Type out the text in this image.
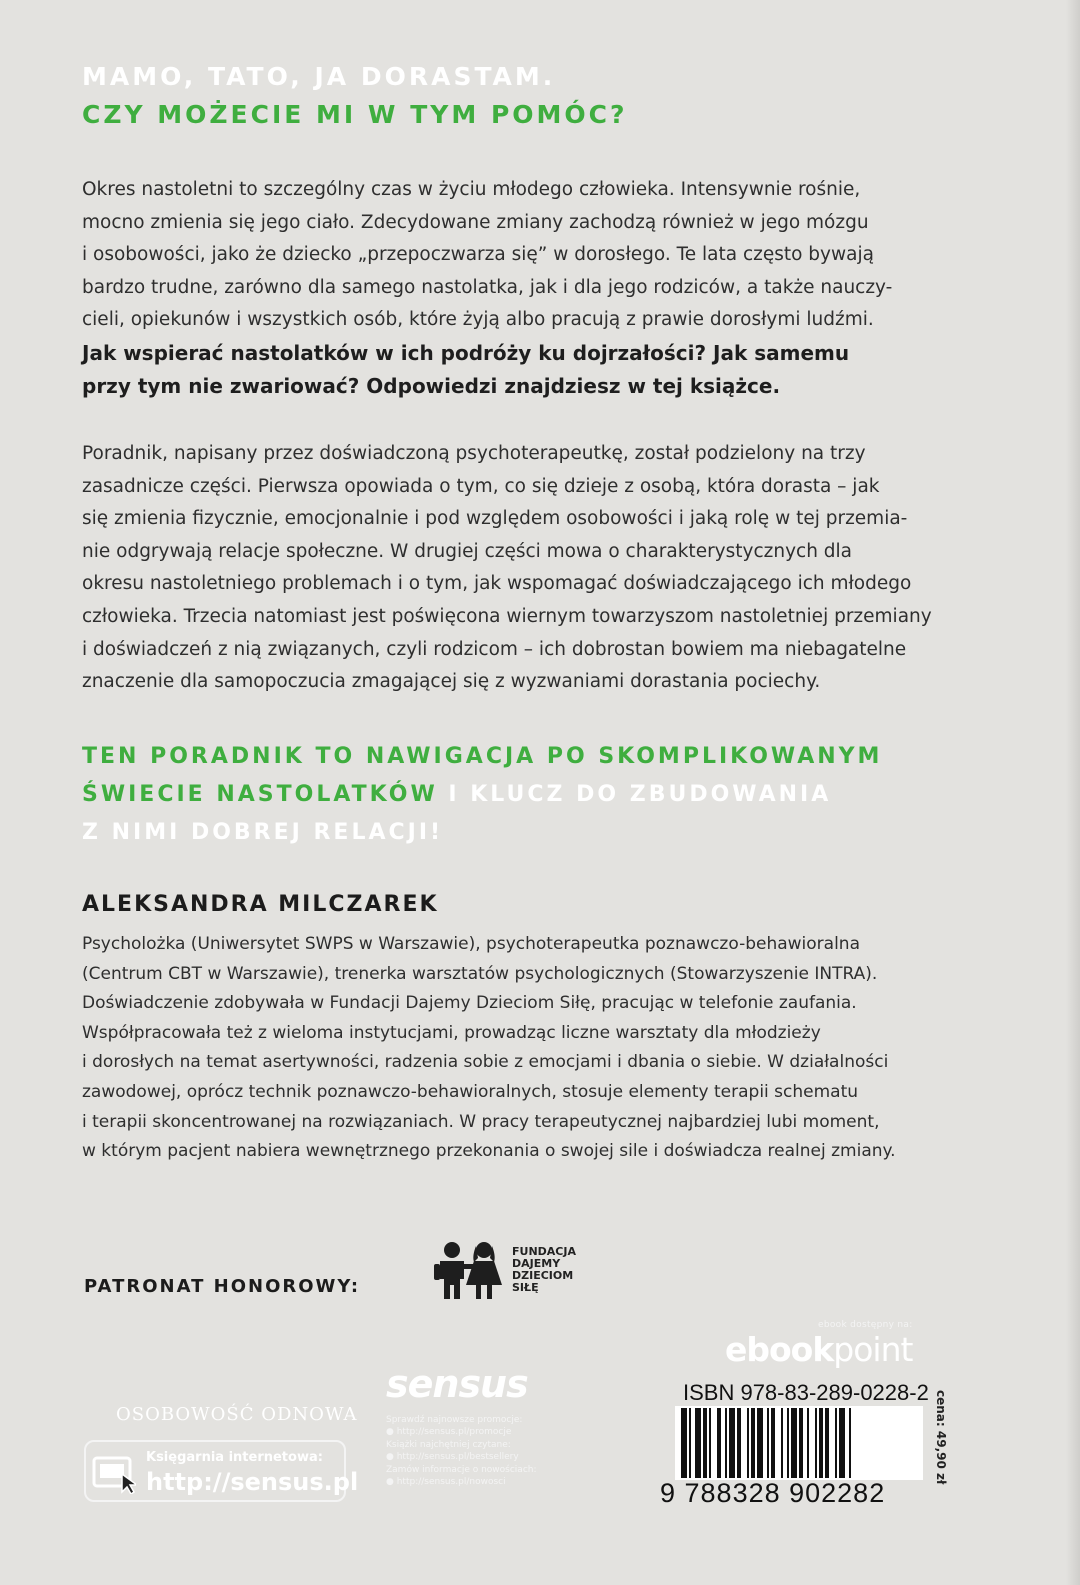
MAMO, TATO, JA DORASTAM.
CZY MOŻECIE MI W TYM POMÓC?
Okres nastoletni to szczególny czas w życiu młodego człowieka. Intensywnie rośnie,
mocno zmienia się jego ciało. Zdecydowane zmiany zachodzą również w jego mózgu
i osobowości, jako że dziecko „przepoczwarza się” w dorosłego. Te lata często bywają
bardzo trudne, zarówno dla samego nastolatka, jak i dla jego rodziców, a także nauczy-
cieli, opiekunów i wszystkich osób, które żyją albo pracują z prawie dorosłymi ludźmi.
Jak wspierać nastolatków w ich podróży ku dojrzałości? Jak samemu
przy tym nie zwariować? Odpowiedzi znajdziesz w tej książce.
Poradnik, napisany przez doświadczoną psychoterapeutkę, został podzielony na trzy
zasadnicze części. Pierwsza opowiada o tym, co się dzieje z osobą, która dorasta – jak
się zmienia fizycznie, emocjonalnie i pod względem osobowości i jaką rolę w tej przemia-
nie odgrywają relacje społeczne. W drugiej części mowa o charakterystycznych dla
okresu nastoletniego problemach i o tym, jak wspomagać doświadczającego ich młodego
człowieka. Trzecia natomiast jest poświęcona wiernym towarzyszom nastoletniej przemiany
i doświadczeń z nią związanych, czyli rodzicom – ich dobrostan bowiem ma niebagatelne
znaczenie dla samopoczucia zmagającej się z wyzwaniami dorastania pociechy.
TEN PORADNIK TO NAWIGACJA PO SKOMPLIKOWANYM
ŚWIECIE NASTOLATKÓW I KLUCZ DO ZBUDOWANIA
Z NIMI DOBREJ RELACJI!
ALEKSANDRA MILCZAREK
Psycholożka (Uniwersytet SWPS w Warszawie), psychoterapeutka poznawczo-behawioralna
(Centrum CBT w Warszawie), trenerka warsztatów psychologicznych (Stowarzyszenie INTRA).
Doświadczenie zdobywała w Fundacji Dajemy Dzieciom Siłę, pracując w telefonie zaufania.
Współpracowała też z wieloma instytucjami, prowadząc liczne warsztaty dla młodzieży
i dorosłych na temat asertywności, radzenia sobie z emocjami i dbania o siebie. W działalności
zawodowej, oprócz technik poznawczo-behawioralnych, stosuje elementy terapii schematu
i terapii skoncentrowanej na rozwiązaniach. W pracy terapeutycznej najbardziej lubi moment,
w którym pacjent nabiera wewnętrznego przekonania o swojej sile i doświadcza realnej zmiany.
PATRONAT HONOROWY:
FUNDACJA
DAJEMY
DZIECIOM
SIŁĘ
ebook dostępny na:
ebookpoint
OSOBOWOŚĆ ODNOWA
sensus
Sprawdź najnowsze promocje:
● http://sensus.pl/promocje
Książki najchętniej czytane:
● http://sensus.pl/bestsellery
Zamów informacje o nowościach:
● http://sensus.pl/nowosci
Księgarnia internetowa:
http://sensus.pl
ISBN 978-83-289-0228-2
9 788328 902282
cena: 49,90 zł
